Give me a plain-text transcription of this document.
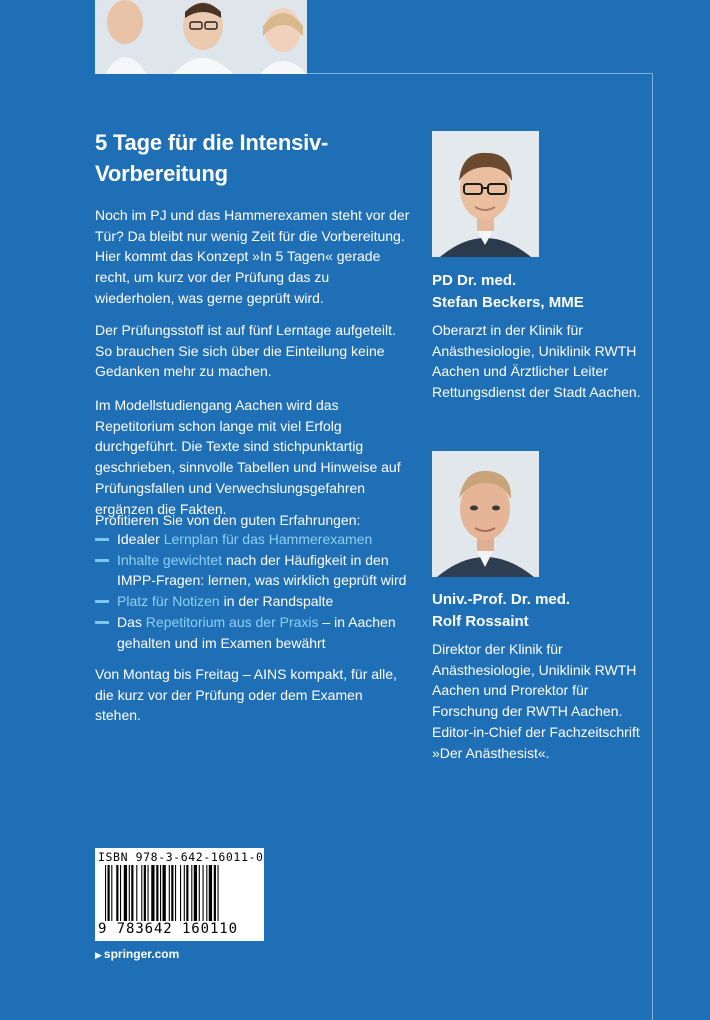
5 Tage für die Intensiv-Vorbereitung

Noch im PJ und das Hammerexamen steht vor der Tür? Da bleibt nur wenig Zeit für die Vorbereitung. Hier kommt das Konzept »In 5 Tagen« gerade recht, um kurz vor der Prüfung das zu wiederholen, was gerne geprüft wird.

Der Prüfungsstoff ist auf fünf Lerntage aufgeteilt. So brauchen Sie sich über die Einteilung keine Gedanken mehr zu machen.

Im Modellstudiengang Aachen wird das Repetitorium schon lange mit viel Erfolg durchgeführt. Die Texte sind stichpunktartig geschrieben, sinnvolle Tabellen und Hinweise auf Prüfungsfallen und Verwechslungsgefahren ergänzen die Fakten.

Profitieren Sie von den guten Erfahrungen:

Idealer Lernplan für das Hammerexamen
Inhalte gewichtet nach der Häufigkeit in den IMPP-Fragen: lernen, was wirklich geprüft wird
Platz für Notizen in der Randspalte
Das Repetitorium aus der Praxis – in Aachen gehalten und im Examen bewährt

Von Montag bis Freitag – AINS kompakt, für alle, die kurz vor der Prüfung oder dem Examen stehen.

PD Dr. med.
Stefan Beckers, MME
Oberarzt in der Klinik für Anästhesiologie, Uniklinik RWTH Aachen und Ärztlicher Leiter Rettungsdienst der Stadt Aachen.
Univ.-Prof. Dr. med.
Rolf Rossaint
Direktor der Klinik für Anästhesiologie, Uniklinik RWTH Aachen und Prorektor für Forschung der RWTH Aachen. Editor-in-Chief der Fachzeitschrift »Der Anästhesist«.
ISBN 978-3-642-16011-0
9 783642 160110
▶ springer.com
